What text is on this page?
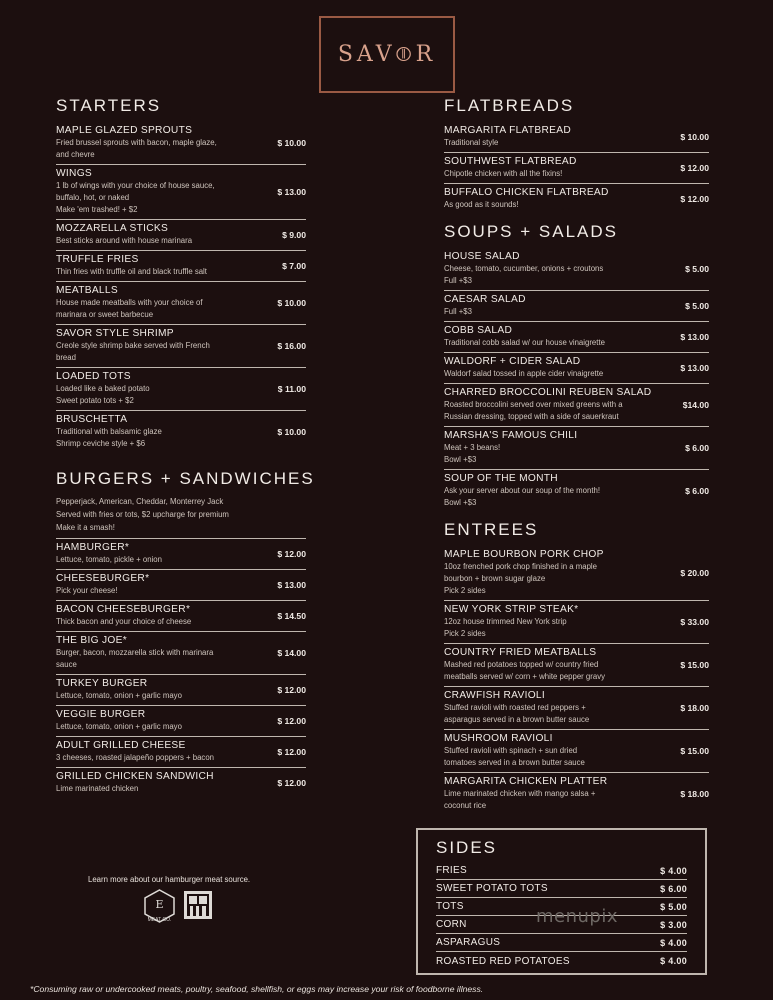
SAV⦷R
STARTERS
MAPLE GLAZED SPROUTS
Fried brussel sprouts with bacon, maple glaze,
and chevre
$ 10.00
WINGS
1 lb of wings with your choice of house sauce,
buffalo, hot, or naked
Make 'em trashed! + $2
$ 13.00
MOZZARELLA STICKS
Best sticks around with house marinara
$ 9.00
TRUFFLE FRIES
Thin fries with truffle oil and black truffle salt
$ 7.00
MEATBALLS
House made meatballs with your choice of
marinara or sweet barbecue
$ 10.00
SAVOR STYLE SHRIMP
Creole style shrimp bake served with French
bread
$ 16.00
LOADED TOTS
Loaded like a baked potato
Sweet potato tots + $2
$ 11.00
BRUSCHETTA
Traditional with balsamic glaze
Shrimp ceviche style + $6
$ 10.00
BURGERS + SANDWICHES
Pepperjack, American, Cheddar, Monterrey Jack
Served with fries or tots, $2 upcharge for premium
Make it a smash!
HAMBURGER*
Lettuce, tomato, pickle + onion
$ 12.00
CHEESEBURGER*
Pick your cheese!
$ 13.00
BACON CHEESEBURGER*
Thick bacon and your choice of cheese
$ 14.50
THE BIG JOE*
Burger, bacon, mozzarella stick with marinara
sauce
$ 14.00
TURKEY BURGER
Lettuce, tomato, onion + garlic mayo
$ 12.00
VEGGIE BURGER
Lettuce, tomato, onion + garlic mayo
$ 12.00
ADULT GRILLED CHEESE
3 cheeses, roasted jalapeño poppers + bacon
$ 12.00
GRILLED CHICKEN SANDWICH
Lime marinated chicken
$ 12.00
FLATBREADS
MARGARITA FLATBREAD
Traditional style
$ 10.00
SOUTHWEST FLATBREAD
Chipotle chicken with all the fixins!
$ 12.00
BUFFALO CHICKEN FLATBREAD
As good as it sounds!
$ 12.00
SOUPS + SALADS
HOUSE SALAD
Cheese, tomato, cucumber, onions + croutons
Full +$3
$ 5.00
CAESAR SALAD
Full +$3
$ 5.00
COBB SALAD
Traditional cobb salad w/ our house vinaigrette
$ 13.00
WALDORF + CIDER SALAD
Waldorf salad tossed in apple cider vinaigrette
$ 13.00
CHARRED BROCCOLINI REUBEN SALAD
Roasted broccolini served over mixed greens with a
Russian dressing, topped with a side of sauerkraut
$14.00
MARSHA'S FAMOUS CHILI
Meat + 3 beans!
Bowl +$3
$ 6.00
SOUP OF THE MONTH
Ask your server about our soup of the month!
Bowl +$3
$ 6.00
ENTREES
MAPLE BOURBON PORK CHOP
10oz frenched pork chop finished in a maple
bourbon + brown sugar glaze
Pick 2 sides
$ 20.00
NEW YORK STRIP STEAK*
12oz house trimmed New York strip
Pick 2 sides
$ 33.00
COUNTRY FRIED MEATBALLS
Mashed red potatoes topped w/ country fried
meatballs served w/ corn + white pepper gravy
$ 15.00
CRAWFISH RAVIOLI
Stuffed ravioli with roasted red peppers +
asparagus served in a brown butter sauce
$ 18.00
MUSHROOM RAVIOLI
Stuffed ravioli with spinach + sun dried
tomatoes served in a brown butter sauce
$ 15.00
MARGARITA CHICKEN PLATTER
Lime marinated chicken with mango salsa +
coconut rice
$ 18.00
SIDES
FRIES	$ 4.00
SWEET POTATO TOTS	$ 6.00
TOTS	$ 5.00
CORN	$ 3.00
ASPARAGUS	$ 4.00
ROASTED RED POTATOES	$ 4.00
Learn more about our hamburger meat source.
E
MEAT CO.	menupix
*Consuming raw or undercooked meats, poultry, seafood, shellfish, or eggs may increase your risk of foodborne illness.
